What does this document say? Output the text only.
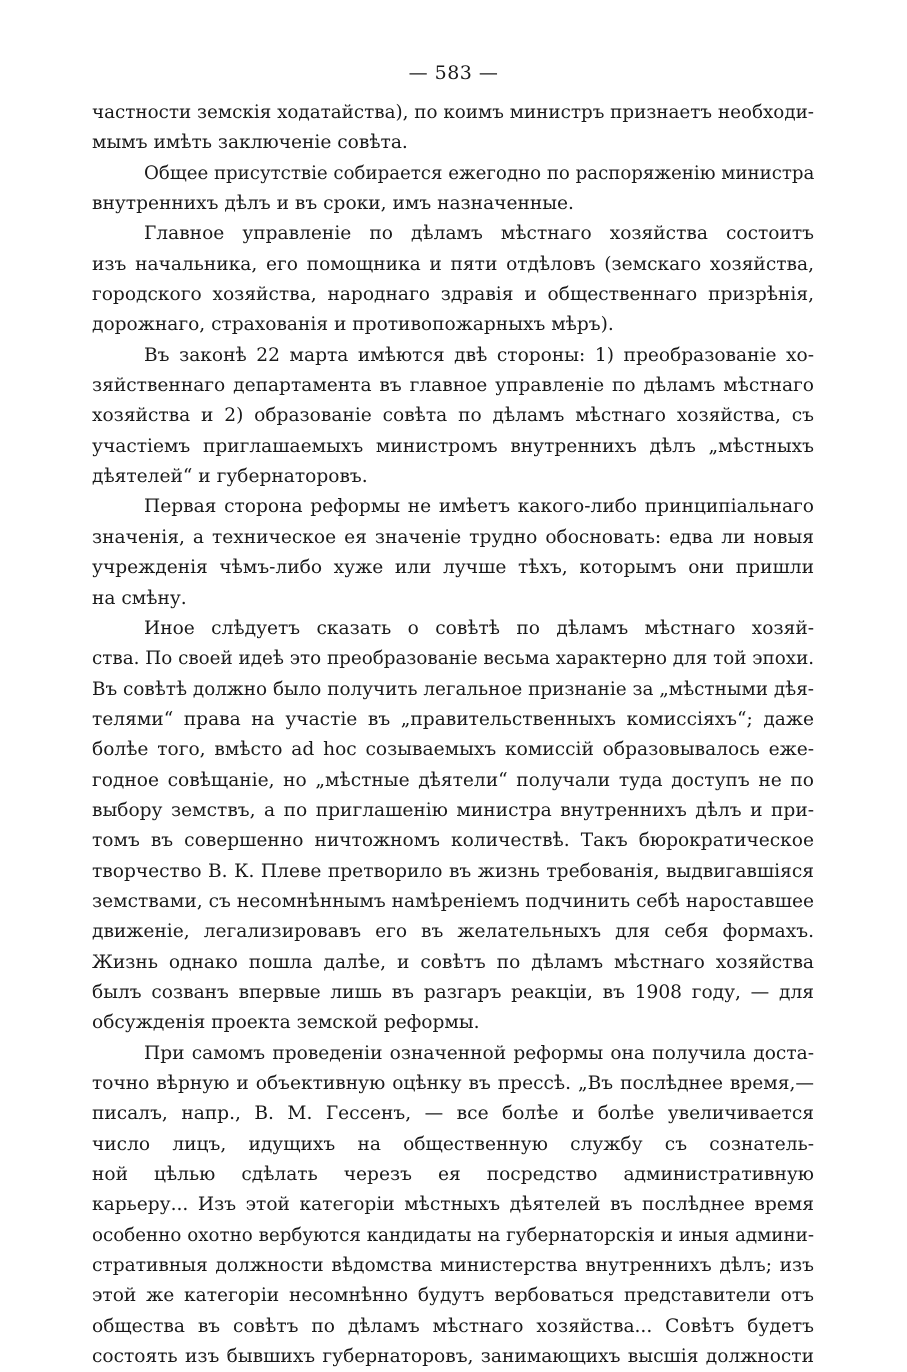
— 583 —
частности земскія ходатайства), по коимъ министръ признаетъ необходи-
мымъ имѣть заключеніе совѣта.
Общее присутствіе собирается ежегодно по распоряженію министра
внутреннихъ дѣлъ и въ сроки, имъ назначенные.
Главное управленіе по дѣламъ мѣстнаго хозяйства состоитъ
изъ начальника, его помощника и пяти отдѣловъ (земскаго хозяйства,
городского хозяйства, народнаго здравія и общественнаго призрѣнія,
дорожнаго, страхованія и противопожарныхъ мѣръ).
Въ законѣ 22 марта имѣются двѣ стороны: 1) преобразованіе хо-
зяйственнаго департамента въ главное управленіе по дѣламъ мѣстнаго
хозяйства и 2) образованіе совѣта по дѣламъ мѣстнаго хозяйства, съ
участіемъ приглашаемыхъ министромъ внутреннихъ дѣлъ „мѣстныхъ
дѣятелей“ и губернаторовъ.
Первая сторона реформы не имѣетъ какого-либо принципіальнаго
значенія, а техническое ея значеніе трудно обосновать: едва ли новыя
учрежденія чѣмъ-либо хуже или лучше тѣхъ, которымъ они пришли
на смѣну.
Иное слѣдуетъ сказать о совѣтѣ по дѣламъ мѣстнаго хозяй-
ства. По своей идеѣ это преобразованіе весьма характерно для той эпохи.
Въ совѣтѣ должно было получить легальное признаніе за „мѣстными дѣя-
телями“ права на участіе въ „правительственныхъ комиссіяхъ“; даже
болѣе того, вмѣсто ad hoc созываемыхъ комиссій образовывалось еже-
годное совѣщаніе, но „мѣстные дѣятели“ получали туда доступъ не по
выбору земствъ, а по приглашенію министра внутреннихъ дѣлъ и при-
томъ въ совершенно ничтожномъ количествѣ. Такъ бюрократическое
творчество В. К. Плеве претворило въ жизнь требованія, выдвигавшіяся
земствами, съ несомнѣннымъ намѣреніемъ подчинить себѣ нароставшее
движеніе, легализировавъ его въ желательныхъ для себя формахъ.
Жизнь однако пошла далѣе, и совѣтъ по дѣламъ мѣстнаго хозяйства
былъ созванъ впервые лишь въ разгаръ реакціи, въ 1908 году, — для
обсужденія проекта земской реформы.
При самомъ проведеніи означенной реформы она получила доста-
точно вѣрную и объективную оцѣнку въ прессѣ. „Въ послѣднее время,—
писалъ, напр., В. М. Гессенъ, — все болѣе и болѣе увеличивается
число лицъ, идущихъ на общественную службу съ сознатель-
ной цѣлью сдѣлать черезъ ея посредство административную
карьеру... Изъ этой категоріи мѣстныхъ дѣятелей въ послѣднее время
особенно охотно вербуются кандидаты на губернаторскія и иныя админи-
стративныя должности вѣдомства министерства внутреннихъ дѣлъ; изъ
этой же категоріи несомнѣнно будутъ вербоваться представители отъ
общества въ совѣтъ по дѣламъ мѣстнаго хозяйства... Совѣтъ будетъ
состоять изъ бывшихъ губернаторовъ, занимающихъ высшія должности
